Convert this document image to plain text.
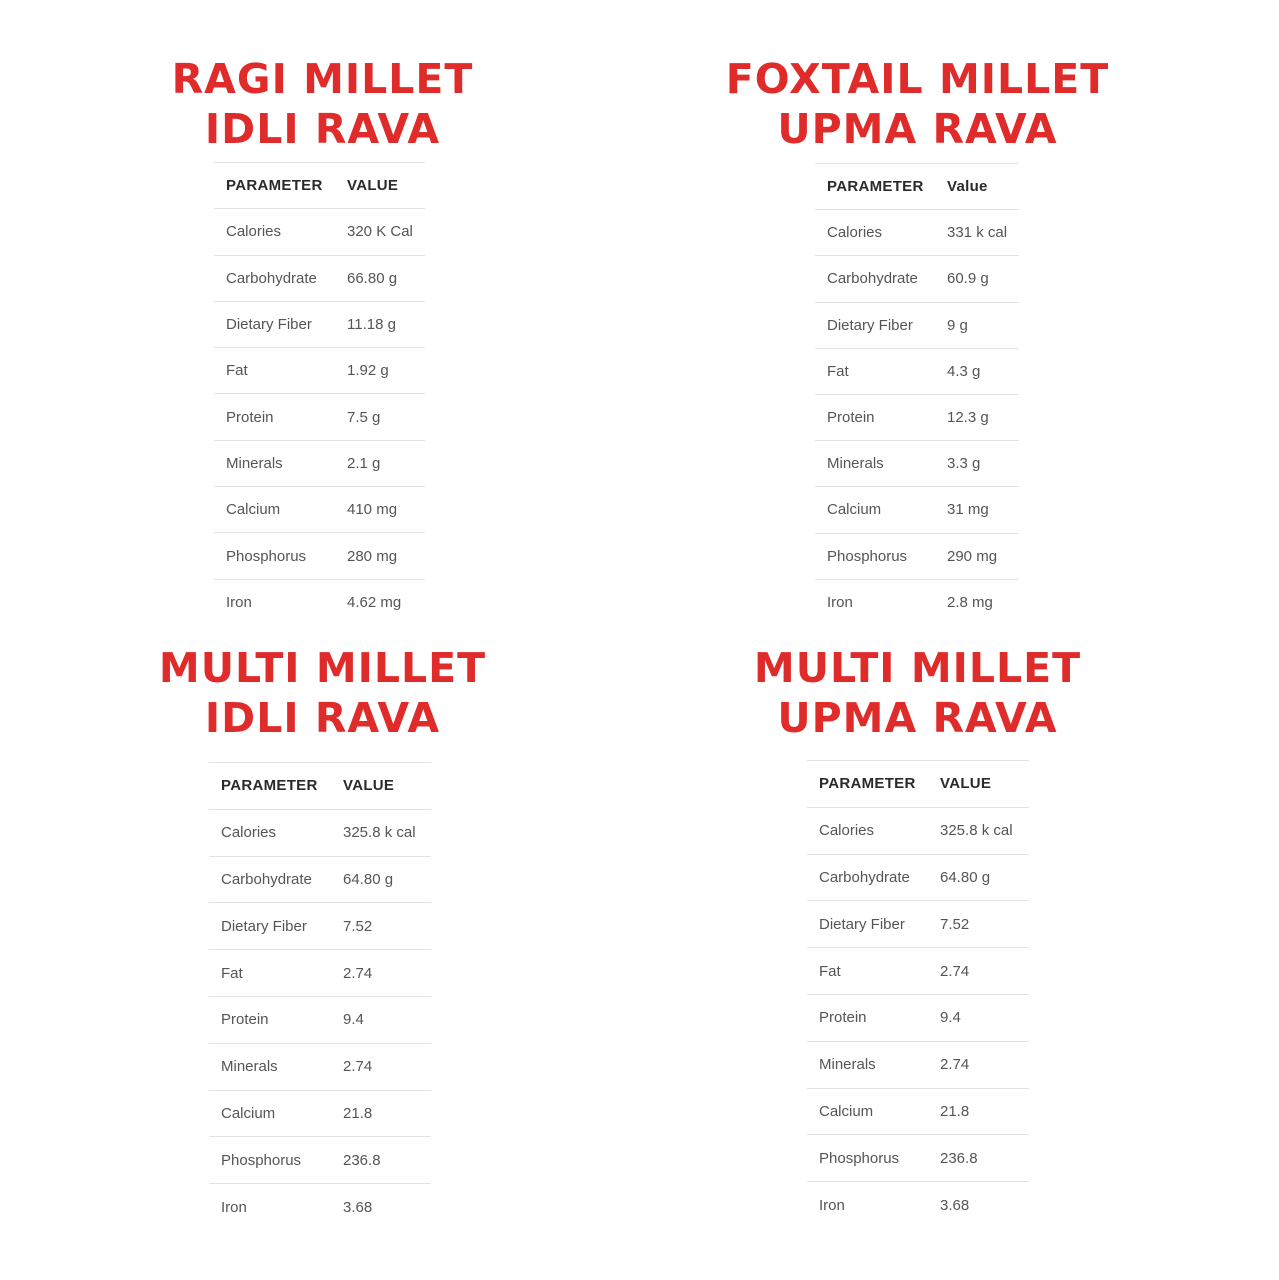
RAGI MILLET
IDLI RAVA
PARAMETER	VALUE
Calories	320 K Cal
Carbohydrate	66.80 g
Dietary Fiber	11.18 g
Fat	1.92 g
Protein	7.5 g
Minerals	2.1 g
Calcium	410 mg
Phosphorus	280 mg
Iron	4.62 mg
FOXTAIL MILLET
UPMA RAVA
PARAMETER	Value
Calories	331 k cal
Carbohydrate	60.9 g
Dietary Fiber	9 g
Fat	4.3 g
Protein	12.3 g
Minerals	3.3 g
Calcium	31 mg
Phosphorus	290 mg
Iron	2.8 mg
MULTI MILLET
IDLI RAVA
PARAMETER	VALUE
Calories	325.8 k cal
Carbohydrate	64.80 g
Dietary Fiber	7.52
Fat	2.74
Protein	9.4
Minerals	2.74
Calcium	21.8
Phosphorus	236.8
Iron	3.68
MULTI MILLET
UPMA RAVA
PARAMETER	VALUE
Calories	325.8 k cal
Carbohydrate	64.80 g
Dietary Fiber	7.52
Fat	2.74
Protein	9.4
Minerals	2.74
Calcium	21.8
Phosphorus	236.8
Iron	3.68
